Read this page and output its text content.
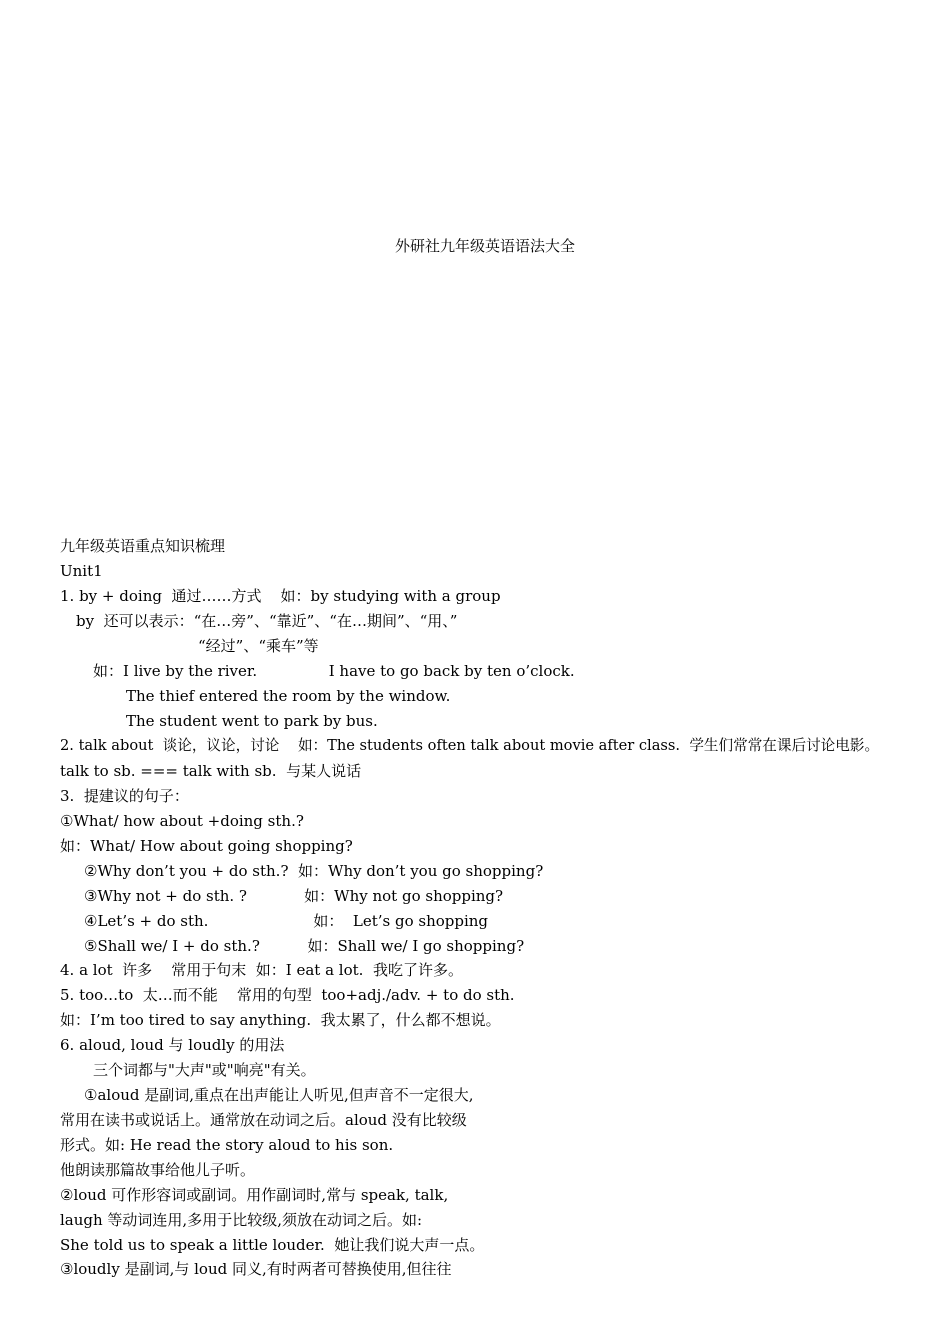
外研社九年级英语语法大全
九年级英语重点知识梳理
Unit1
1. by + doing  通过……方式    如：by studying with a group
by  还可以表示：“在…旁”、“靠近”、“在…期间”、“用、”
“经过”、“乘车”等
如：I live by the river.               I have to go back by ten o’clock.
The thief entered the room by the window.
The student went to park by bus.
2. talk about  谈论，议论，讨论    如：The students often talk about movie after class.  学生们常常在课后讨论电影。
talk to sb. === talk with sb.  与某人说话
3.  提建议的句子：
①What/ how about +doing sth.?
如：What/ How about going shopping?
②Why don’t you + do sth.?  如：Why don’t you go shopping?
③Why not + do sth. ?            如：Why not go shopping?
④Let’s + do sth.                      如：  Let’s go shopping
⑤Shall we/ I + do sth.?          如：Shall we/ I go shopping?
4. a lot  许多    常用于句末  如：I eat a lot.  我吃了许多。
5. too…to  太…而不能    常用的句型  too+adj./adv. + to do sth.
如：I’m too tired to say anything.  我太累了，什么都不想说。
6. aloud, loud 与 loudly 的用法
三个词都与"大声"或"响亮"有关。
①aloud 是副词,重点在出声能让人听见,但声音不一定很大,
常用在读书或说话上。通常放在动词之后。aloud 没有比较级
形式。如: He read the story aloud to his son.
他朗读那篇故事给他儿子听。
②loud 可作形容词或副词。用作副词时,常与 speak, talk,
laugh 等动词连用,多用于比较级,须放在动词之后。如:
She told us to speak a little louder.  她让我们说大声一点。
③loudly 是副词,与 loud 同义,有时两者可替换使用,但往往
